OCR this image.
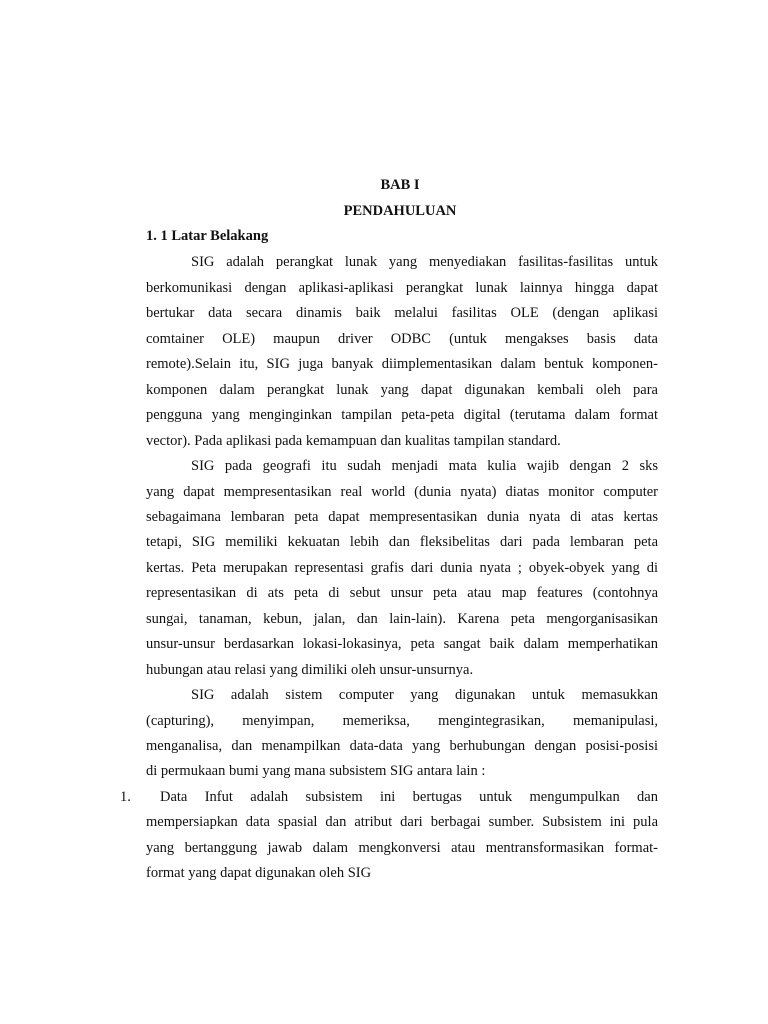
BAB I
PENDAHULUAN
1. 1 Latar Belakang
SIG adalah perangkat lunak yang menyediakan fasilitas-fasilitas untuk
berkomunikasi dengan aplikasi-aplikasi perangkat lunak lainnya hingga dapat
bertukar data secara dinamis baik melalui fasilitas OLE (dengan aplikasi
comtainer OLE) maupun driver ODBC (untuk mengakses basis data
remote).Selain itu, SIG juga banyak diimplementasikan dalam bentuk komponen-
komponen dalam perangkat lunak yang dapat digunakan kembali oleh para
pengguna yang menginginkan tampilan peta-peta digital (terutama dalam format
vector). Pada aplikasi pada kemampuan dan kualitas tampilan standard.
SIG pada geografi itu sudah menjadi mata kulia wajib dengan 2 sks
yang dapat mempresentasikan real world (dunia nyata) diatas monitor computer
sebagaimana lembaran peta dapat mempresentasikan dunia nyata di atas kertas
tetapi, SIG memiliki kekuatan lebih dan fleksibelitas dari pada lembaran peta
kertas. Peta merupakan representasi grafis dari dunia nyata ; obyek-obyek yang di
representasikan di ats peta di sebut unsur peta atau map features (contohnya
sungai, tanaman, kebun, jalan, dan lain-lain). Karena peta mengorganisasikan
unsur-unsur berdasarkan lokasi-lokasinya, peta sangat baik dalam memperhatikan
hubungan atau relasi yang dimiliki oleh unsur-unsurnya.
SIG adalah sistem computer yang digunakan untuk memasukkan
(capturing), menyimpan, memeriksa, mengintegrasikan, memanipulasi,
menganalisa, dan menampilkan data-data yang berhubungan dengan posisi-posisi
di permukaan bumi yang mana subsistem SIG antara lain :
1. Data Infut adalah subsistem ini bertugas untuk mengumpulkan dan
mempersiapkan data spasial dan atribut dari berbagai sumber. Subsistem ini pula
yang bertanggung jawab dalam mengkonversi atau mentransformasikan format-
format yang dapat digunakan oleh SIG
